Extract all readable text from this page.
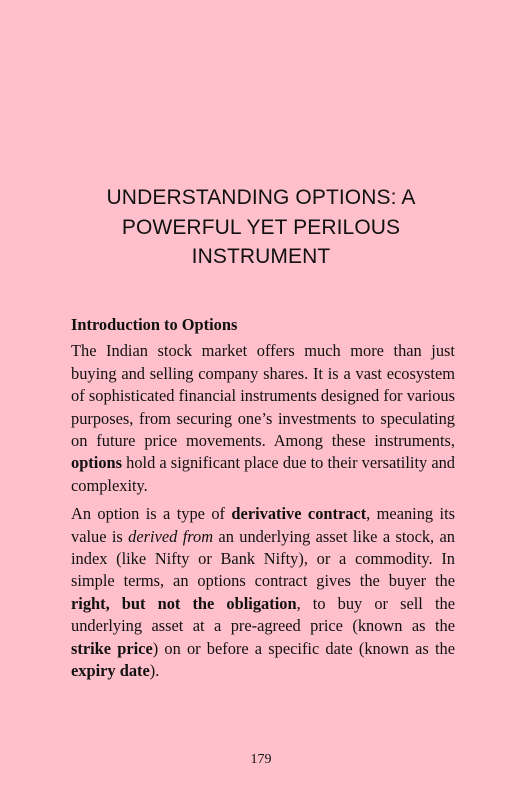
UNDERSTANDING OPTIONS: A
POWERFUL YET PERILOUS
INSTRUMENT
Introduction to Options

The Indian stock market offers much more than just buying and selling company shares. It is a vast ecosystem of sophisticated financial instruments designed for various purposes, from securing one’s investments to speculating on future price movements. Among these instruments, options hold a significant place due to their versatility and complexity.

An option is a type of derivative contract, meaning its value is derived from an underlying asset like a stock, an index (like Nifty or Bank Nifty), or a commodity. In simple terms, an options contract gives the buyer the right, but not the obligation, to buy or sell the underlying asset at a pre-agreed price (known as the strike price) on or before a specific date (known as the expiry date).

179
